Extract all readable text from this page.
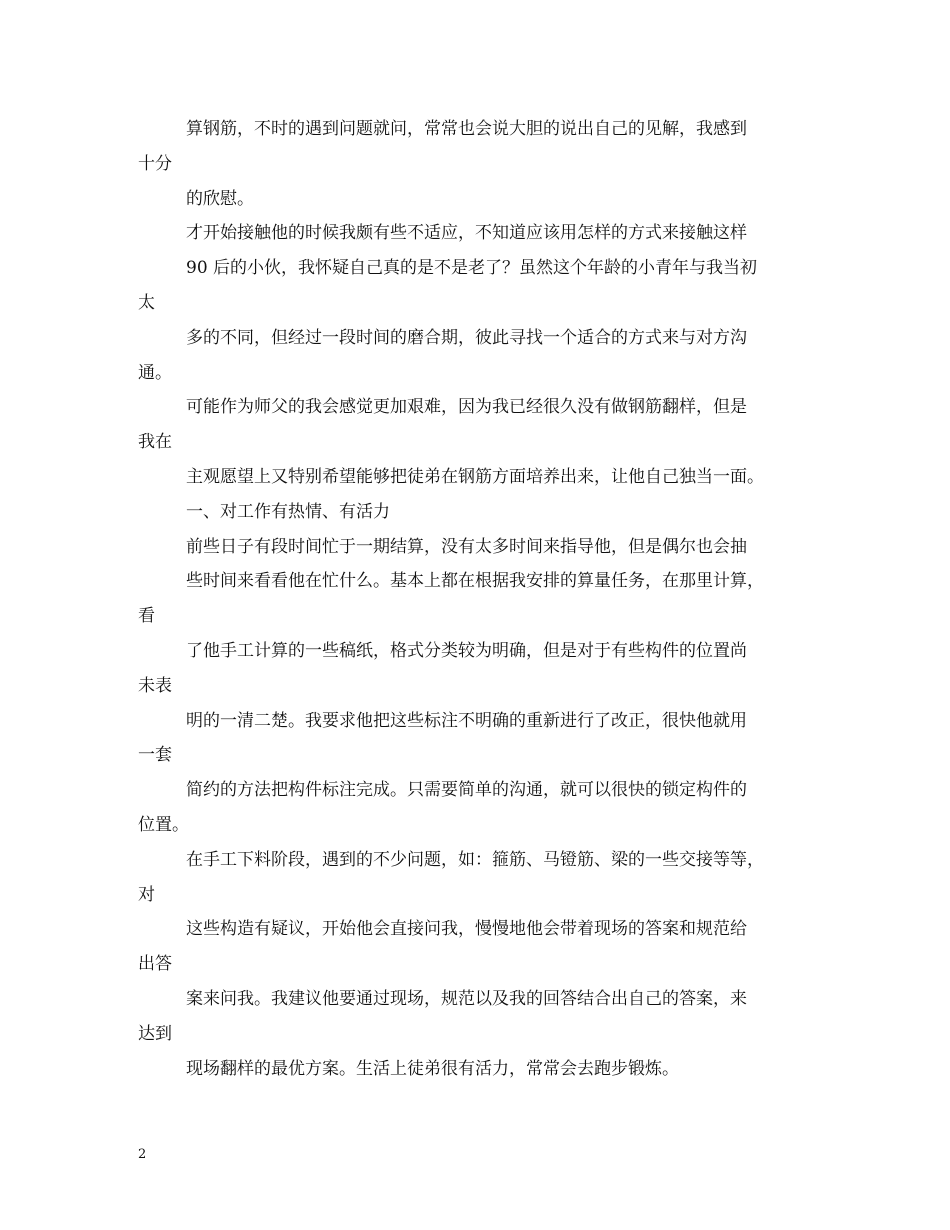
算钢筋，不时的遇到问题就问，常常也会说大胆的说出自己的见解，我感到
十分
的欣慰。
才开始接触他的时候我颇有些不适应，不知道应该用怎样的方式来接触这样
90 后的小伙，我怀疑自己真的是不是老了？虽然这个年龄的小青年与我当初
太
多的不同，但经过一段时间的磨合期，彼此寻找一个适合的方式来与对方沟
通。
可能作为师父的我会感觉更加艰难，因为我已经很久没有做钢筋翻样，但是
我在
主观愿望上又特别希望能够把徒弟在钢筋方面培养出来，让他自己独当一面。
一、对工作有热情、有活力
前些日子有段时间忙于一期结算，没有太多时间来指导他，但是偶尔也会抽
些时间来看看他在忙什么。基本上都在根据我安排的算量任务，在那里计算，
看
了他手工计算的一些稿纸，格式分类较为明确，但是对于有些构件的位置尚
未表
明的一清二楚。我要求他把这些标注不明确的重新进行了改正，很快他就用
一套
简约的方法把构件标注完成。只需要简单的沟通，就可以很快的锁定构件的
位置。
在手工下料阶段，遇到的不少问题，如：箍筋、马镫筋、梁的一些交接等等，
对
这些构造有疑议，开始他会直接问我，慢慢地他会带着现场的答案和规范给
出答
案来问我。我建议他要通过现场，规范以及我的回答结合出自己的答案，来
达到
现场翻样的最优方案。生活上徒弟很有活力，常常会去跑步锻炼。
2
